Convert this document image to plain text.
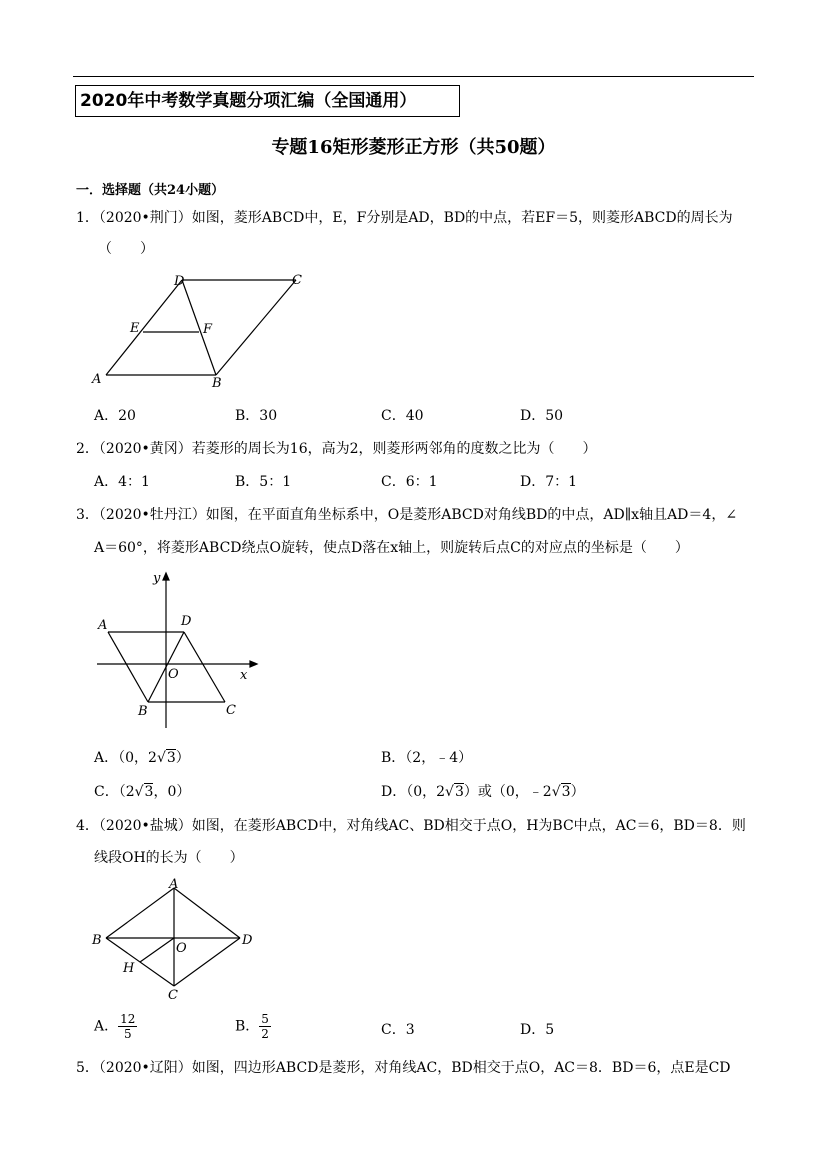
2020年中考数学真题分项汇编（全国通用）
专题16矩形菱形正方形（共50题）
一．选择题（共24小题）
1．（2020•荆门）如图，菱形ABCD中，E，F分别是AD，BD的中点，若EF＝5，则菱形ABCD的周长为
（　　）
A	B
C
D
E	F
A．20	B．30	C．40	D．50
2．（2020•黄冈）若菱形的周长为16，高为2，则菱形两邻角的度数之比为（　　）
A．4：1	B．5：1	C．6：1	D．7：1
3．（2020•牡丹江）如图，在平面直角坐标系中，O是菱形ABCD对角线BD的中点，AD∥x轴且AD＝4，∠
A＝60°，将菱形ABCD绕点O旋转，使点D落在x轴上，则旋转后点C的对应点的坐标是（　　）
A
B	C
D
O	x
y
A．（0，2√3）	B．（2，﹣4）
C．（2√3，0）	D．（0，2√3）或（0，﹣2√3）
4．（2020•盐城）如图，在菱形ABCD中，对角线AC、BD相交于点O，H为BC中点，AC＝6，BD＝8．则
线段OH的长为（　　）
A
B
C
D
O
H
A． $\frac{12}{5}$	B． $\frac{5}{2}$	C．3	D．5
5．（2020•辽阳）如图，四边形ABCD是菱形，对角线AC，BD相交于点O，AC＝8．BD＝6，点E是CD
